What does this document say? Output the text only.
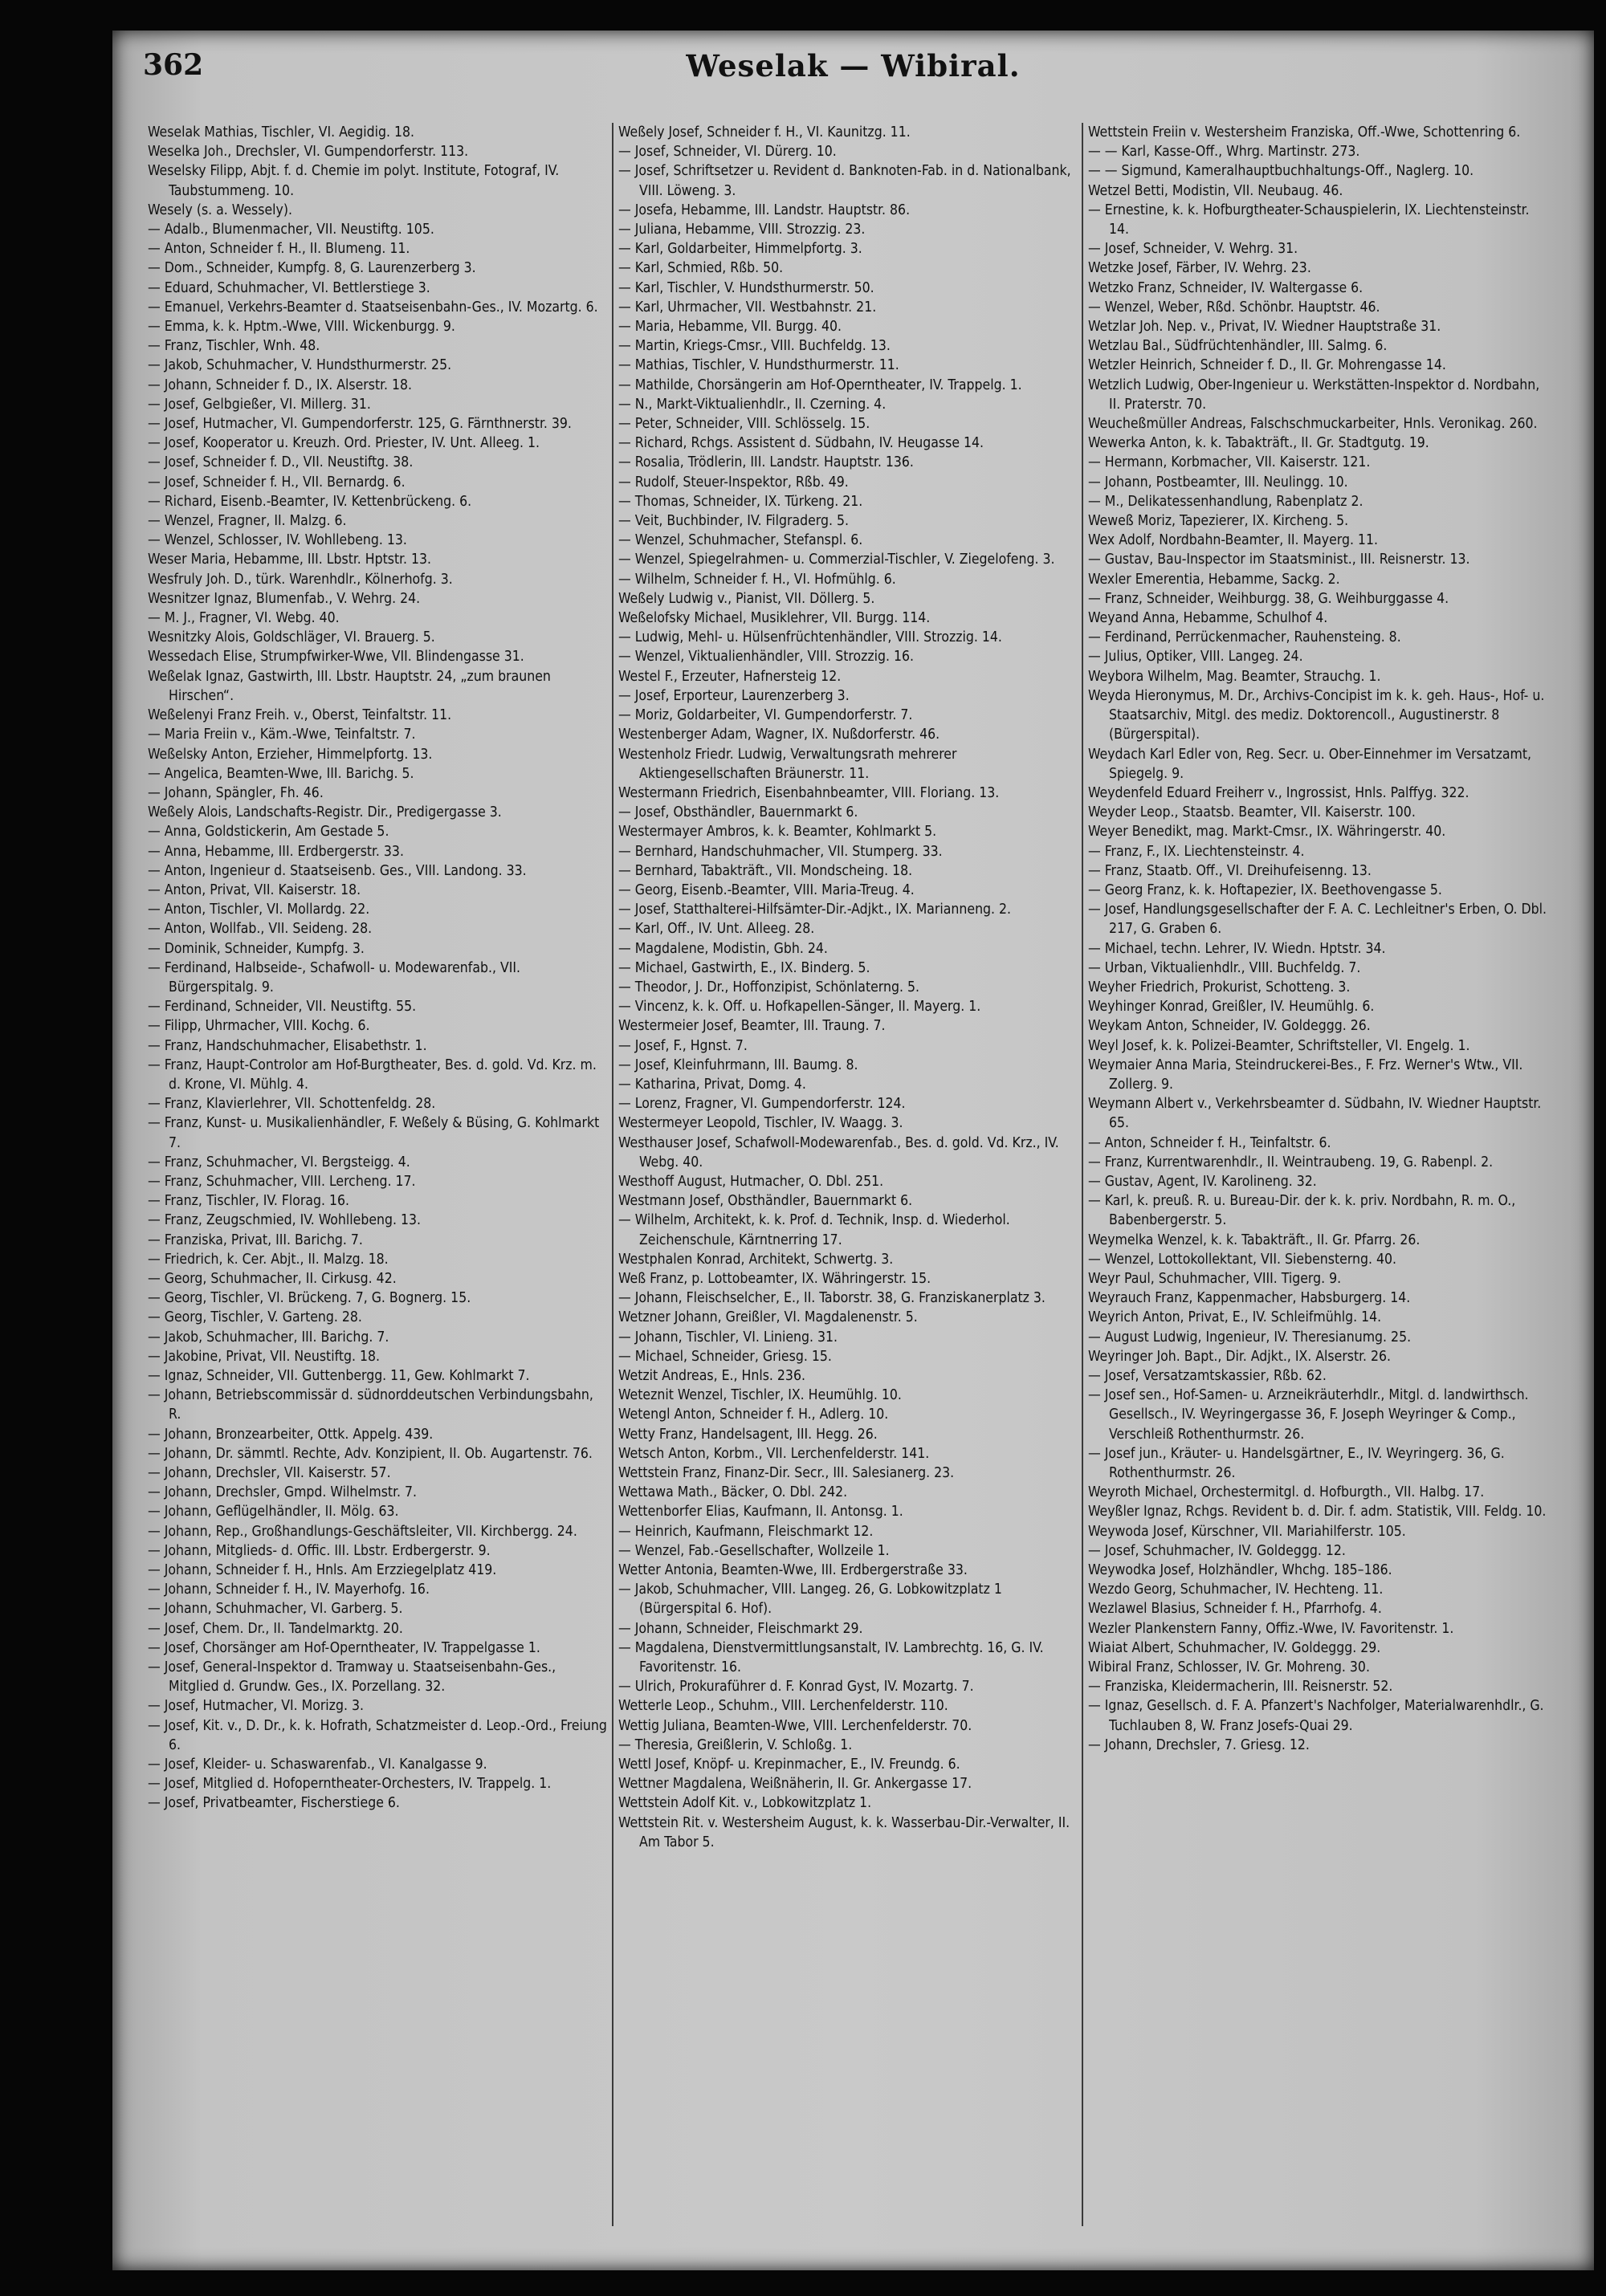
362	Weselak — Wibiral.

Weselak Mathias, Tischler, VI. Aegidig. 18.

Weselka Joh., Drechsler, VI. Gumpendorferstr. 113.

Weselsky Filipp, Abjt. f. d. Chemie im polyt. Institute, Fotograf, IV. Taubstummeng. 10.

Wesely (s. a. Wessely).

— Adalb., Blumenmacher, VII. Neustiftg. 105.

— Anton, Schneider f. H., II. Blumeng. 11.

— Dom., Schneider, Kumpfg. 8, G. Laurenzerberg 3.

— Eduard, Schuhmacher, VI. Bettlerstiege 3.

— Emanuel, Verkehrs-Beamter d. Staatseisenbahn-Ges., IV. Mozartg. 6.

— Emma, k. k. Hptm.-Wwe, VIII. Wickenburgg. 9.

— Franz, Tischler, Wnh. 48.

— Jakob, Schuhmacher, V. Hundsthurmerstr. 25.

— Johann, Schneider f. D., IX. Alserstr. 18.

— Josef, Gelbgießer, VI. Millerg. 31.

— Josef, Hutmacher, VI. Gumpendorferstr. 125, G. Färnthnerstr. 39.

— Josef, Kooperator u. Kreuzh. Ord. Priester, IV. Unt. Alleeg. 1.

— Josef, Schneider f. D., VII. Neustiftg. 38.

— Josef, Schneider f. H., VII. Bernardg. 6.

— Richard, Eisenb.-Beamter, IV. Kettenbrückeng. 6.

— Wenzel, Fragner, II. Malzg. 6.

— Wenzel, Schlosser, IV. Wohllebeng. 13.

Weser Maria, Hebamme, III. Lbstr. Hptstr. 13.

Wesfruly Joh. D., türk. Warenhdlr., Kölnerhofg. 3.

Wesnitzer Ignaz, Blumenfab., V. Wehrg. 24.

— M. J., Fragner, VI. Webg. 40.

Wesnitzky Alois, Goldschläger, VI. Brauerg. 5.

Wessedach Elise, Strumpfwirker-Wwe, VII. Blindengasse 31.

Weßelak Ignaz, Gastwirth, III. Lbstr. Hauptstr. 24, „zum braunen Hirschen“.

Weßelenyi Franz Freih. v., Oberst, Teinfaltstr. 11.

— Maria Freiin v., Käm.-Wwe, Teinfaltstr. 7.

Weßelsky Anton, Erzieher, Himmelpfortg. 13.

— Angelica, Beamten-Wwe, III. Barichg. 5.

— Johann, Spängler, Fh. 46.

Weßely Alois, Landschafts-Registr. Dir., Predigergasse 3.

— Anna, Goldstickerin, Am Gestade 5.

— Anna, Hebamme, III. Erdbergerstr. 33.

— Anton, Ingenieur d. Staatseisenb. Ges., VIII. Landong. 33.

— Anton, Privat, VII. Kaiserstr. 18.

— Anton, Tischler, VI. Mollardg. 22.

— Anton, Wollfab., VII. Seideng. 28.

— Dominik, Schneider, Kumpfg. 3.

— Ferdinand, Halbseide-, Schafwoll- u. Modewarenfab., VII. Bürgerspitalg. 9.

— Ferdinand, Schneider, VII. Neustiftg. 55.

— Filipp, Uhrmacher, VIII. Kochg. 6.

— Franz, Handschuhmacher, Elisabethstr. 1.

— Franz, Haupt-Controlor am Hof-Burgtheater, Bes. d. gold. Vd. Krz. m. d. Krone, VI. Mühlg. 4.

— Franz, Klavierlehrer, VII. Schottenfeldg. 28.

— Franz, Kunst- u. Musikalienhändler, F. Weßely & Büsing, G. Kohlmarkt 7.

— Franz, Schuhmacher, VI. Bergsteigg. 4.

— Franz, Schuhmacher, VIII. Lercheng. 17.

— Franz, Tischler, IV. Florag. 16.

— Franz, Zeugschmied, IV. Wohllebeng. 13.

— Franziska, Privat, III. Barichg. 7.

— Friedrich, k. Cer. Abjt., II. Malzg. 18.

— Georg, Schuhmacher, II. Cirkusg. 42.

— Georg, Tischler, VI. Brückeng. 7, G. Bognerg. 15.

— Georg, Tischler, V. Garteng. 28.

— Jakob, Schuhmacher, III. Barichg. 7.

— Jakobine, Privat, VII. Neustiftg. 18.

— Ignaz, Schneider, VII. Guttenbergg. 11, Gew. Kohlmarkt 7.

— Johann, Betriebscommissär d. südnorddeutschen Verbindungsbahn, R.

— Johann, Bronzearbeiter, Ottk. Appelg. 439.

— Johann, Dr. sämmtl. Rechte, Adv. Konzipient, II. Ob. Augartenstr. 76.

— Johann, Drechsler, VII. Kaiserstr. 57.

— Johann, Drechsler, Gmpd. Wilhelmstr. 7.

— Johann, Geflügelhändler, II. Mölg. 63.

— Johann, Rep., Großhandlungs-Geschäftsleiter, VII. Kirchbergg. 24.

— Johann, Mitglieds- d. Offic. III. Lbstr. Erdbergerstr. 9.

— Johann, Schneider f. H., Hnls. Am Erzziegelplatz 419.

— Johann, Schneider f. H., IV. Mayerhofg. 16.

— Johann, Schuhmacher, VI. Garberg. 5.

— Josef, Chem. Dr., II. Tandelmarktg. 20.

— Josef, Chorsänger am Hof-Operntheater, IV. Trappelgasse 1.

— Josef, General-Inspektor d. Tramway u. Staatseisenbahn-Ges., Mitglied d. Grundw. Ges., IX. Porzellang. 32.

— Josef, Hutmacher, VI. Morizg. 3.

— Josef, Kit. v., D. Dr., k. k. Hofrath, Schatzmeister d. Leop.-Ord., Freiung 6.

— Josef, Kleider- u. Schaswarenfab., VI. Kanalgasse 9.

— Josef, Mitglied d. Hofoperntheater-Orchesters, IV. Trappelg. 1.

— Josef, Privatbeamter, Fischerstiege 6.

Weßely Josef, Schneider f. H., VI. Kaunitzg. 11.

— Josef, Schneider, VI. Dürerg. 10.

— Josef, Schriftsetzer u. Revident d. Banknoten-Fab. in d. Nationalbank, VIII. Löweng. 3.

— Josefa, Hebamme, III. Landstr. Hauptstr. 86.

— Juliana, Hebamme, VIII. Strozzig. 23.

— Karl, Goldarbeiter, Himmelpfortg. 3.

— Karl, Schmied, Rßb. 50.

— Karl, Tischler, V. Hundsthurmerstr. 50.

— Karl, Uhrmacher, VII. Westbahnstr. 21.

— Maria, Hebamme, VII. Burgg. 40.

— Martin, Kriegs-Cmsr., VIII. Buchfeldg. 13.

— Mathias, Tischler, V. Hundsthurmerstr. 11.

— Mathilde, Chorsängerin am Hof-Operntheater, IV. Trappelg. 1.

— N., Markt-Viktualienhdlr., II. Czerning. 4.

— Peter, Schneider, VIII. Schlösselg. 15.

— Richard, Rchgs. Assistent d. Südbahn, IV. Heugasse 14.

— Rosalia, Trödlerin, III. Landstr. Hauptstr. 136.

— Rudolf, Steuer-Inspektor, Rßb. 49.

— Thomas, Schneider, IX. Türkeng. 21.

— Veit, Buchbinder, IV. Filgraderg. 5.

— Wenzel, Schuhmacher, Stefanspl. 6.

— Wenzel, Spiegelrahmen- u. Commerzial-Tischler, V. Ziegelofeng. 3.

— Wilhelm, Schneider f. H., VI. Hofmühlg. 6.

Weßely Ludwig v., Pianist, VII. Döllerg. 5.

Weßelofsky Michael, Musiklehrer, VII. Burgg. 114.

— Ludwig, Mehl- u. Hülsenfrüchtenhändler, VIII. Strozzig. 14.

— Wenzel, Viktualienhändler, VIII. Strozzig. 16.

Westel F., Erzeuter, Hafnersteig 12.

— Josef, Erporteur, Laurenzerberg 3.

— Moriz, Goldarbeiter, VI. Gumpendorferstr. 7.

Westenberger Adam, Wagner, IX. Nußdorferstr. 46.

Westenholz Friedr. Ludwig, Verwaltungsrath mehrerer Aktiengesellschaften Bräunerstr. 11.

Westermann Friedrich, Eisenbahnbeamter, VIII. Floriang. 13.

— Josef, Obsthändler, Bauernmarkt 6.

Westermayer Ambros, k. k. Beamter, Kohlmarkt 5.

— Bernhard, Handschuhmacher, VII. Stumperg. 33.

— Bernhard, Tabakträft., VII. Mondscheing. 18.

— Georg, Eisenb.-Beamter, VIII. Maria-Treug. 4.

— Josef, Statthalterei-Hilfsämter-Dir.-Adjkt., IX. Marianneng. 2.

— Karl, Off., IV. Unt. Alleeg. 28.

— Magdalene, Modistin, Gbh. 24.

— Michael, Gastwirth, E., IX. Binderg. 5.

— Theodor, J. Dr., Hoffonzipist, Schönlaterng. 5.

— Vincenz, k. k. Off. u. Hofkapellen-Sänger, II. Mayerg. 1.

Westermeier Josef, Beamter, III. Traung. 7.

— Josef, F., Hgnst. 7.

— Josef, Kleinfuhrmann, III. Baumg. 8.

— Katharina, Privat, Domg. 4.

— Lorenz, Fragner, VI. Gumpendorferstr. 124.

Westermeyer Leopold, Tischler, IV. Waagg. 3.

Westhauser Josef, Schafwoll-Modewarenfab., Bes. d. gold. Vd. Krz., IV. Webg. 40.

Westhoff August, Hutmacher, O. Dbl. 251.

Westmann Josef, Obsthändler, Bauernmarkt 6.

— Wilhelm, Architekt, k. k. Prof. d. Technik, Insp. d. Wiederhol. Zeichenschule, Kärntnerring 17.

Westphalen Konrad, Architekt, Schwertg. 3.

Weß Franz, p. Lottobeamter, IX. Währingerstr. 15.

— Johann, Fleischselcher, E., II. Taborstr. 38, G. Franziskanerplatz 3.

Wetzner Johann, Greißler, VI. Magdalenenstr. 5.

— Johann, Tischler, VI. Linieng. 31.

— Michael, Schneider, Griesg. 15.

Wetzit Andreas, E., Hnls. 236.

Weteznit Wenzel, Tischler, IX. Heumühlg. 10.

Wetengl Anton, Schneider f. H., Adlerg. 10.

Wetty Franz, Handelsagent, III. Hegg. 26.

Wetsch Anton, Korbm., VII. Lerchenfelderstr. 141.

Wettstein Franz, Finanz-Dir. Secr., III. Salesianerg. 23.

Wettawa Math., Bäcker, O. Dbl. 242.

Wettenborfer Elias, Kaufmann, II. Antonsg. 1.

— Heinrich, Kaufmann, Fleischmarkt 12.

— Wenzel, Fab.-Gesellschafter, Wollzeile 1.

Wetter Antonia, Beamten-Wwe, III. Erdbergerstraße 33.

— Jakob, Schuhmacher, VIII. Langeg. 26, G. Lobkowitzplatz 1 (Bürgerspital 6. Hof).

— Johann, Schneider, Fleischmarkt 29.

— Magdalena, Dienstvermittlungsanstalt, IV. Lambrechtg. 16, G. IV. Favoritenstr. 16.

— Ulrich, Prokuraführer d. F. Konrad Gyst, IV. Mozartg. 7.

Wetterle Leop., Schuhm., VIII. Lerchenfelderstr. 110.

Wettig Juliana, Beamten-Wwe, VIII. Lerchenfelderstr. 70.

— Theresia, Greißlerin, V. Schloßg. 1.

Wettl Josef, Knöpf- u. Krepinmacher, E., IV. Freundg. 6.

Wettner Magdalena, Weißnäherin, II. Gr. Ankergasse 17.

Wettstein Adolf Kit. v., Lobkowitzplatz 1.

Wettstein Rit. v. Westersheim August, k. k. Wasserbau-Dir.-Verwalter, II. Am Tabor 5.

Wettstein Freiin v. Westersheim Franziska, Off.-Wwe, Schottenring 6.

— — Karl, Kasse-Off., Whrg. Martinstr. 273.

— — Sigmund, Kameralhauptbuchhaltungs-Off., Naglerg. 10.

Wetzel Betti, Modistin, VII. Neubaug. 46.

— Ernestine, k. k. Hofburgtheater-Schauspielerin, IX. Liechtensteinstr. 14.

— Josef, Schneider, V. Wehrg. 31.

Wetzke Josef, Färber, IV. Wehrg. 23.

Wetzko Franz, Schneider, IV. Waltergasse 6.

— Wenzel, Weber, Rßd. Schönbr. Hauptstr. 46.

Wetzlar Joh. Nep. v., Privat, IV. Wiedner Hauptstraße 31.

Wetzlau Bal., Südfrüchtenhändler, III. Salmg. 6.

Wetzler Heinrich, Schneider f. D., II. Gr. Mohrengasse 14.

Wetzlich Ludwig, Ober-Ingenieur u. Werkstätten-Inspektor d. Nordbahn, II. Praterstr. 70.

Weucheßmüller Andreas, Falschschmuckarbeiter, Hnls. Veronikag. 260.

Wewerka Anton, k. k. Tabakträft., II. Gr. Stadtgutg. 19.

— Hermann, Korbmacher, VII. Kaiserstr. 121.

— Johann, Postbeamter, III. Neulingg. 10.

— M., Delikatessenhandlung, Rabenplatz 2.

Weweß Moriz, Tapezierer, IX. Kircheng. 5.

Wex Adolf, Nordbahn-Beamter, II. Mayerg. 11.

— Gustav, Bau-Inspector im Staatsminist., III. Reisnerstr. 13.

Wexler Emerentia, Hebamme, Sackg. 2.

— Franz, Schneider, Weihburgg. 38, G. Weihburggasse 4.

Weyand Anna, Hebamme, Schulhof 4.

— Ferdinand, Perrückenmacher, Rauhensteing. 8.

— Julius, Optiker, VIII. Langeg. 24.

Weybora Wilhelm, Mag. Beamter, Strauchg. 1.

Weyda Hieronymus, M. Dr., Archivs-Concipist im k. k. geh. Haus-, Hof- u. Staatsarchiv, Mitgl. des mediz. Doktorencoll., Augustinerstr. 8 (Bürgerspital).

Weydach Karl Edler von, Reg. Secr. u. Ober-Einnehmer im Versatzamt, Spiegelg. 9.

Weydenfeld Eduard Freiherr v., Ingrossist, Hnls. Palffyg. 322.

Weyder Leop., Staatsb. Beamter, VII. Kaiserstr. 100.

Weyer Benedikt, mag. Markt-Cmsr., IX. Währingerstr. 40.

— Franz, F., IX. Liechtensteinstr. 4.

— Franz, Staatb. Off., VI. Dreihufeisenng. 13.

— Georg Franz, k. k. Hoftapezier, IX. Beethovengasse 5.

— Josef, Handlungsgesellschafter der F. A. C. Lechleitner's Erben, O. Dbl. 217, G. Graben 6.

— Michael, techn. Lehrer, IV. Wiedn. Hptstr. 34.

— Urban, Viktualienhdlr., VIII. Buchfeldg. 7.

Weyher Friedrich, Prokurist, Schotteng. 3.

Weyhinger Konrad, Greißler, IV. Heumühlg. 6.

Weykam Anton, Schneider, IV. Goldeggg. 26.

Weyl Josef, k. k. Polizei-Beamter, Schriftsteller, VI. Engelg. 1.

Weymaier Anna Maria, Steindruckerei-Bes., F. Frz. Werner's Wtw., VII. Zollerg. 9.

Weymann Albert v., Verkehrsbeamter d. Südbahn, IV. Wiedner Hauptstr. 65.

— Anton, Schneider f. H., Teinfaltstr. 6.

— Franz, Kurrentwarenhdlr., II. Weintraubeng. 19, G. Rabenpl. 2.

— Gustav, Agent, IV. Karolineng. 32.

— Karl, k. preuß. R. u. Bureau-Dir. der k. k. priv. Nordbahn, R. m. O., Babenbergerstr. 5.

Weymelka Wenzel, k. k. Tabakträft., II. Gr. Pfarrg. 26.

— Wenzel, Lottokollektant, VII. Siebensterng. 40.

Weyr Paul, Schuhmacher, VIII. Tigerg. 9.

Weyrauch Franz, Kappenmacher, Habsburgerg. 14.

Weyrich Anton, Privat, E., IV. Schleifmühlg. 14.

— August Ludwig, Ingenieur, IV. Theresianumg. 25.

Weyringer Joh. Bapt., Dir. Adjkt., IX. Alserstr. 26.

— Josef, Versatzamtskassier, Rßb. 62.

— Josef sen., Hof-Samen- u. Arzneikräuterhdlr., Mitgl. d. landwirthsch. Gesellsch., IV. Weyringergasse 36, F. Joseph Weyringer & Comp., Verschleiß Rothenthurmstr. 26.

— Josef jun., Kräuter- u. Handelsgärtner, E., IV. Weyringerg. 36, G. Rothenthurmstr. 26.

Weyroth Michael, Orchestermitgl. d. Hofburgth., VII. Halbg. 17.

Weyßler Ignaz, Rchgs. Revident b. d. Dir. f. adm. Statistik, VIII. Feldg. 10.

Weywoda Josef, Kürschner, VII. Mariahilferstr. 105.

— Josef, Schuhmacher, IV. Goldeggg. 12.

Weywodka Josef, Holzhändler, Whchg. 185–186.

Wezdo Georg, Schuhmacher, IV. Hechteng. 11.

Wezlawel Blasius, Schneider f. H., Pfarrhofg. 4.

Wezler Plankenstern Fanny, Offiz.-Wwe, IV. Favoritenstr. 1.

Wiaiat Albert, Schuhmacher, IV. Goldeggg. 29.

Wibiral Franz, Schlosser, IV. Gr. Mohreng. 30.

— Franziska, Kleidermacherin, III. Reisnerstr. 52.

— Ignaz, Gesellsch. d. F. A. Pfanzert's Nachfolger, Materialwarenhdlr., G. Tuchlauben 8, W. Franz Josefs-Quai 29.

— Johann, Drechsler, 7. Griesg. 12.
